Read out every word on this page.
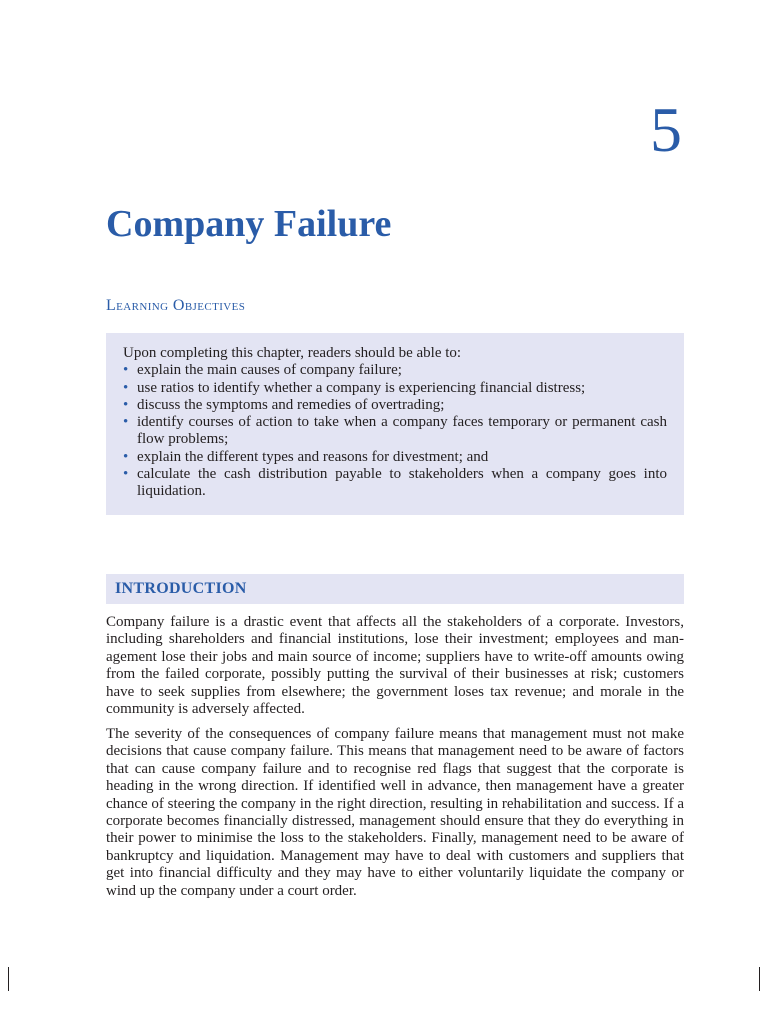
5
Company Failure
Learning Objectives

Upon completing this chapter, readers should be able to:

• explain the main causes of company failure;
• use ratios to identify whether a company is experiencing financial distress;
• discuss the symptoms and remedies of overtrading;
• identify courses of action to take when a company faces temporary or permanent cash flow problems;
• explain the different types and reasons for divestment; and
• calculate the cash distribution payable to stakeholders when a company goes into liquidation.
INTRODUCTION

Company failure is a drastic event that affects all the stakeholders of a corporate. Investors, including shareholders and financial institutions, lose their investment; employees and management lose their jobs and main source of income; suppliers have to write-off amounts owing from the failed corporate, possibly putting the survival of their businesses at risk; customers have to seek supplies from elsewhere; the government loses tax revenue; and morale in the community is adversely affected.

The severity of the consequences of company failure means that management must not make decisions that cause company failure. This means that management need to be aware of factors that can cause company failure and to recognise red flags that suggest that the corporate is heading in the wrong direction. If identified well in advance, then management have a greater chance of steering the company in the right direction, resulting in rehabilitation and success. If a corporate becomes financially distressed, management should ensure that they do everything in their power to minimise the loss to the stakeholders. Finally, management need to be aware of bankruptcy and liquidation. Management may have to deal with customers and suppliers that get into financial difficulty and they may have to either voluntarily liquidate the company or wind up the company under a court order.
